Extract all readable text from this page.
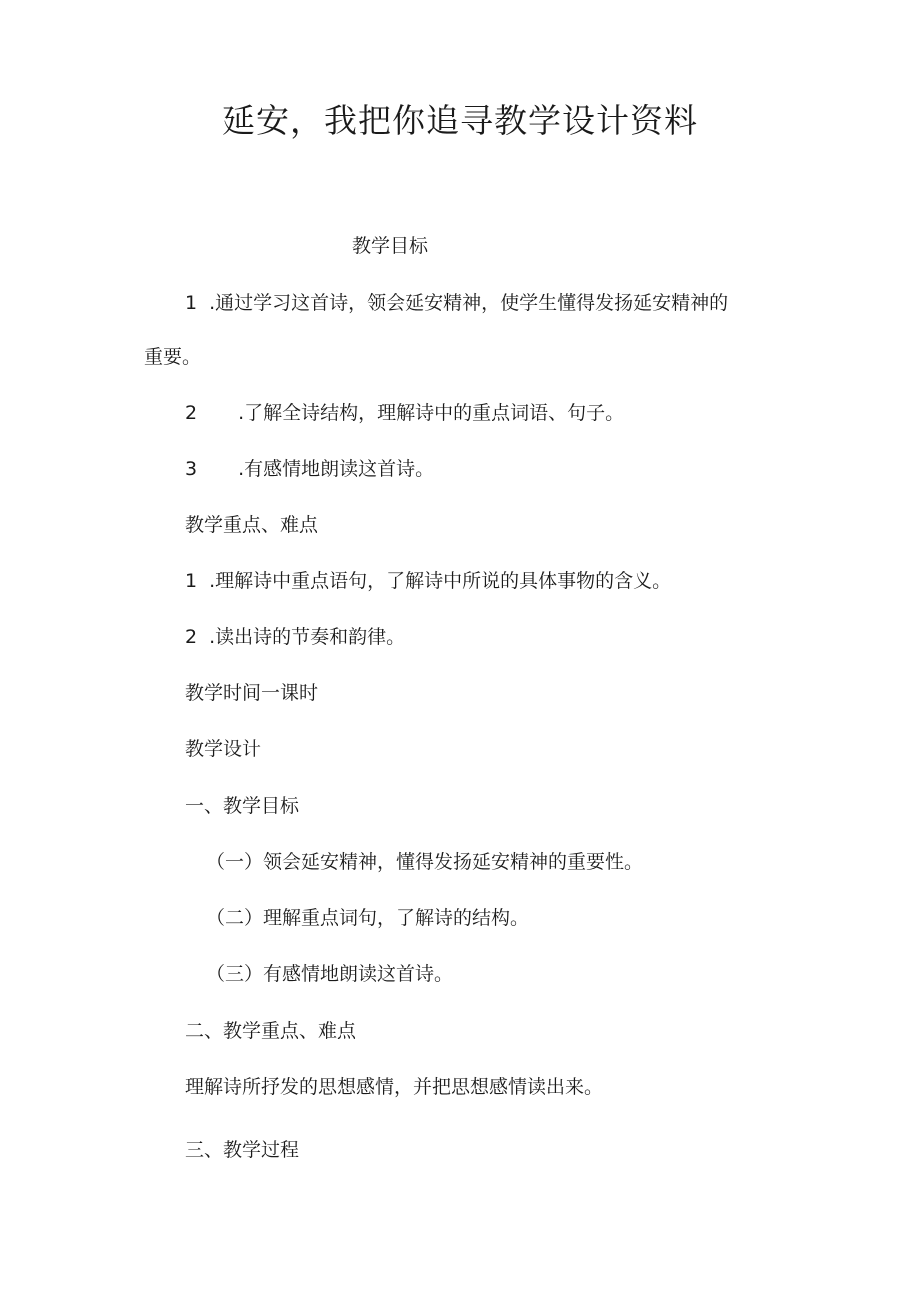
延安，我把你追寻教学设计资料
教学目标
1 .通过学习这首诗，领会延安精神，使学生懂得发扬延安精神的
重要。
2 .了解全诗结构，理解诗中的重点词语、句子。
3 .有感情地朗读这首诗。
教学重点、难点
1 .理解诗中重点语句，了解诗中所说的具体事物的含义。
2 .读出诗的节奏和韵律。
教学时间一课时
教学设计
一、教学目标
（一）领会延安精神，懂得发扬延安精神的重要性。
（二）理解重点词句，了解诗的结构。
（三）有感情地朗读这首诗。
二、教学重点、难点
理解诗所抒发的思想感情，并把思想感情读出来。
三、教学过程
